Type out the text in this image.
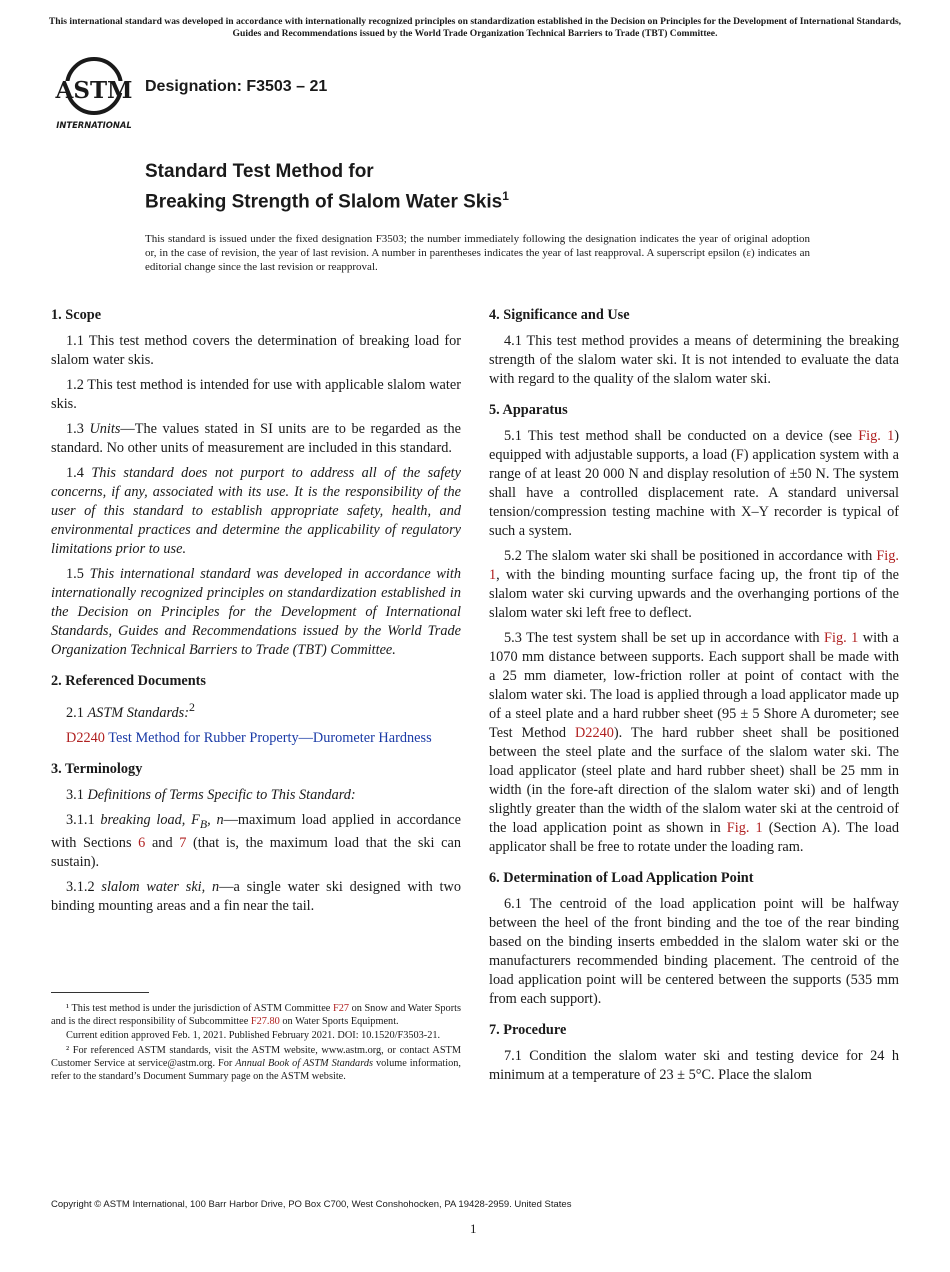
This international standard was developed in accordance with internationally recognized principles on standardization established in the Decision on Principles for the Development of International Standards, Guides and Recommendations issued by the World Trade Organization Technical Barriers to Trade (TBT) Committee.
ASTM
INTERNATIONAL
Designation: F3503 – 21
Standard Test Method for
Breaking Strength of Slalom Water Skis$^1$
This standard is issued under the fixed designation F3503; the number immediately following the designation indicates the year of original adoption or, in the case of revision, the year of last revision. A number in parentheses indicates the year of last reapproval. A superscript epsilon (ε) indicates an editorial change since the last revision or reapproval.
1. Scope

1.1 This test method covers the determination of breaking load for slalom water skis.

1.2 This test method is intended for use with applicable slalom water skis.

1.3 Units—The values stated in SI units are to be regarded as the standard. No other units of measurement are included in this standard.

1.4 This standard does not purport to address all of the safety concerns, if any, associated with its use. It is the responsibility of the user of this standard to establish appropriate safety, health, and environmental practices and determine the applicability of regulatory limitations prior to use.

1.5 This international standard was developed in accordance with internationally recognized principles on standardization established in the Decision on Principles for the Development of International Standards, Guides and Recommendations issued by the World Trade Organization Technical Barriers to Trade (TBT) Committee.

2. Referenced Documents

2.1 ASTM Standards:$^2$

D2240 Test Method for Rubber Property—Durometer Hardness
3. Terminology

3.1 Definitions of Terms Specific to This Standard:

3.1.1 breaking load, $F_B$, n—maximum load applied in accordance with Sections 6 and 7 (that is, the maximum load that the ski can sustain).

3.1.2 slalom water ski, n—a single water ski designed with two binding mounting areas and a fin near the tail.

¹ This test method is under the jurisdiction of ASTM Committee F27 on Snow and Water Sports and is the direct responsibility of Subcommittee F27.80 on Water Sports Equipment.

Current edition approved Feb. 1, 2021. Published February 2021. DOI: 10.1520/F3503-21.

² For referenced ASTM standards, visit the ASTM website, www.astm.org, or contact ASTM Customer Service at service@astm.org. For Annual Book of ASTM Standards volume information, refer to the standard’s Document Summary page on the ASTM website.

4. Significance and Use

4.1 This test method provides a means of determining the breaking strength of the slalom water ski. It is not intended to evaluate the data with regard to the quality of the slalom water ski.

5. Apparatus

5.1 This test method shall be conducted on a device (see Fig. 1) equipped with adjustable supports, a load (F) application system with a range of at least 20 000 N and display resolution of ±50 N. The system shall have a controlled displacement rate. A standard universal tension/compression testing machine with X–Y recorder is typical of such a system.

5.2 The slalom water ski shall be positioned in accordance with Fig. 1, with the binding mounting surface facing up, the front tip of the slalom water ski curving upwards and the overhanging portions of the slalom water ski left free to deflect.

5.3 The test system shall be set up in accordance with Fig. 1 with a 1070 mm distance between supports. Each support shall be made with a 25 mm diameter, low-friction roller at point of contact with the slalom water ski. The load is applied through a load applicator made up of a steel plate and a hard rubber sheet (95 ± 5 Shore A durometer; see Test Method D2240). The hard rubber sheet shall be positioned between the steel plate and the surface of the slalom water ski. The load applicator (steel plate and hard rubber sheet) shall be 25 mm in width (in the fore-aft direction of the slalom water ski) and of length slightly greater than the width of the slalom water ski at the centroid of the load application point as shown in Fig. 1 (Section A). The load applicator shall be free to rotate under the loading ram.

6. Determination of Load Application Point

6.1 The centroid of the load application point will be halfway between the heel of the front binding and the toe of the rear binding based on the binding inserts embedded in the slalom water ski or the manufacturers recommended binding placement. The centroid of the load application point will be centered between the supports (535 mm from each support).

7. Procedure

7.1 Condition the slalom water ski and testing device for 24 h minimum at a temperature of 23 ± 5°C. Place the slalom

Copyright © ASTM International, 100 Barr Harbor Drive, PO Box C700, West Conshohocken, PA 19428-2959. United States
1
